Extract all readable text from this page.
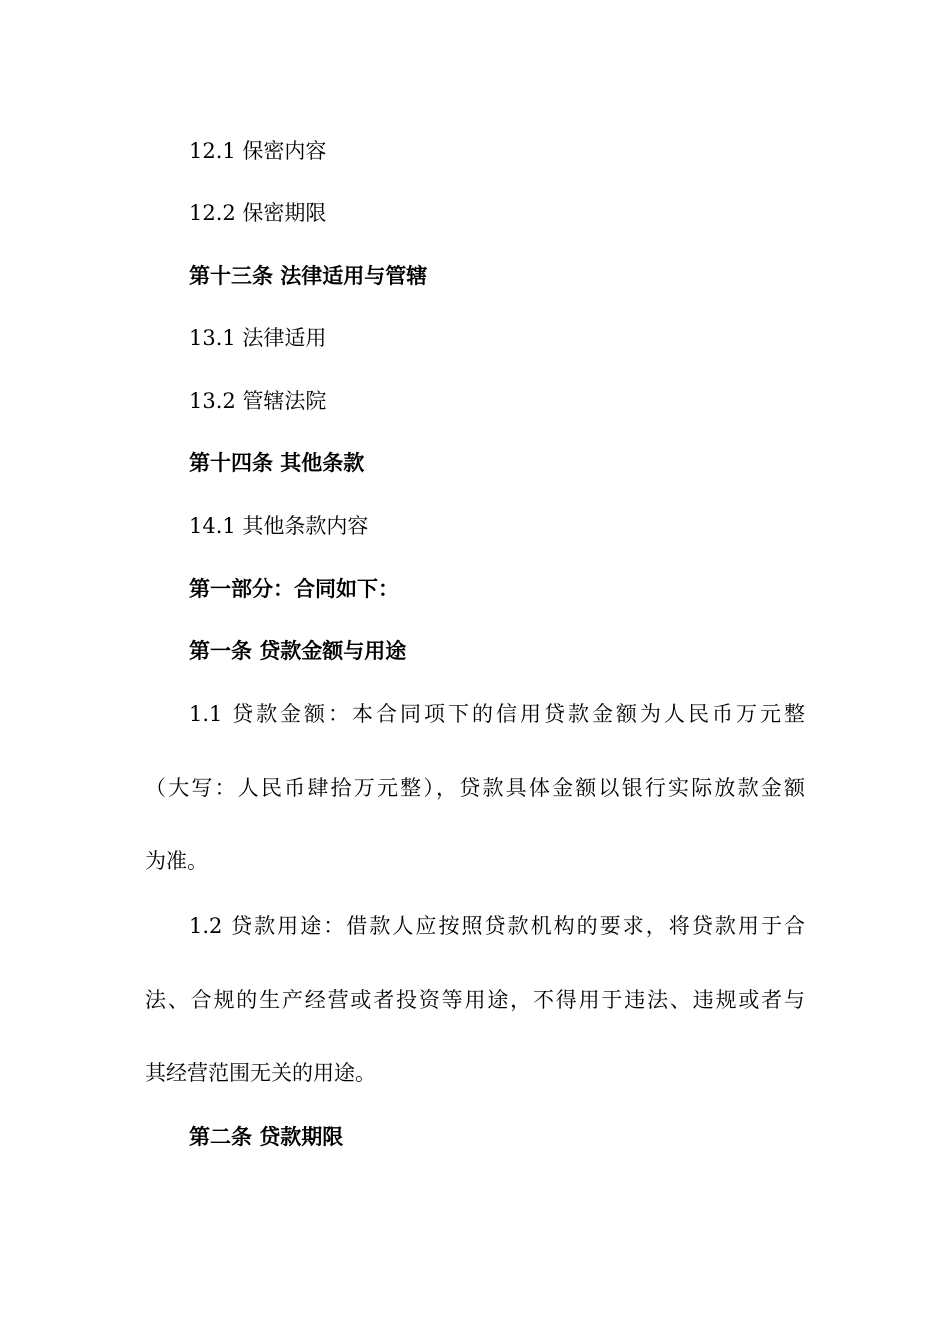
12.1 保密内容

12.2 保密期限

第十三条 法律适用与管辖

13.1 法律适用

13.2 管辖法院

第十四条 其他条款

14.1 其他条款内容

第一部分：合同如下：

第一条 贷款金额与用途

1.1 贷款金额：本合同项下的信用贷款金额为人民币万元整

（大写：人民币肆拾万元整），贷款具体金额以银行实际放款金额

为准。

1.2 贷款用途：借款人应按照贷款机构的要求，将贷款用于合

法、合规的生产经营或者投资等用途，不得用于违法、违规或者与

其经营范围无关的用途。

第二条 贷款期限
